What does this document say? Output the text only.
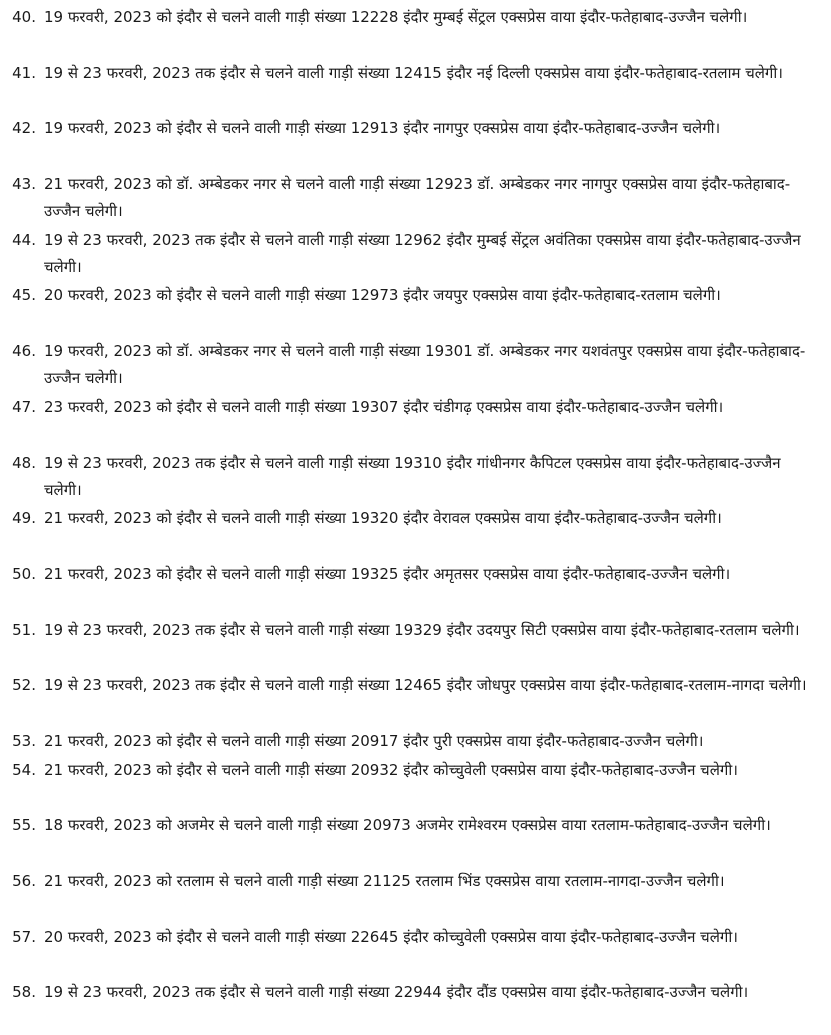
40. 19 फरवरी, 2023 को इंदौर से चलने वाली गाड़ी संख्या 12228 इंदौर मुम्बई सेंट्रल एक्सप्रेस वाया इंदौर-फतेहाबाद-उज्जैन चलेगी।
41. 19 से 23 फरवरी, 2023 तक इंदौर से चलने वाली गाड़ी संख्या 12415 इंदौर नई दिल्ली एक्सप्रेस वाया इंदौर-फतेहाबाद-रतलाम चलेगी।
42. 19 फरवरी, 2023 को इंदौर से चलने वाली गाड़ी संख्या 12913 इंदौर नागपुर एक्सप्रेस वाया इंदौर-फतेहाबाद-उज्जैन चलेगी।
43. 21 फरवरी, 2023 को डॉ. अम्बेडकर नगर से चलने वाली गाड़ी संख्या 12923 डॉ. अम्बेडकर नगर नागपुर एक्सप्रेस वाया इंदौर-फतेहाबाद-उज्जैन चलेगी।
44. 19 से 23 फरवरी, 2023 तक इंदौर से चलने वाली गाड़ी संख्या 12962 इंदौर मुम्बई सेंट्रल अवंतिका एक्सप्रेस वाया इंदौर-फतेहाबाद-उज्जैन चलेगी।
45. 20 फरवरी, 2023 को इंदौर से चलने वाली गाड़ी संख्या 12973 इंदौर जयपुर एक्सप्रेस वाया इंदौर-फतेहाबाद-रतलाम चलेगी।
46. 19 फरवरी, 2023 को डॉ. अम्बेडकर नगर से चलने वाली गाड़ी संख्या 19301 डॉ. अम्बेडकर नगर यशवंतपुर एक्सप्रेस वाया इंदौर-फतेहाबाद-उज्जैन चलेगी।
47. 23 फरवरी, 2023 को इंदौर से चलने वाली गाड़ी संख्या 19307 इंदौर चंडीगढ़ एक्सप्रेस वाया इंदौर-फतेहाबाद-उज्जैन चलेगी।
48. 19 से 23 फरवरी, 2023 तक इंदौर से चलने वाली गाड़ी संख्या 19310 इंदौर गांधीनगर कैपिटल एक्सप्रेस वाया इंदौर-फतेहाबाद-उज्जैन चलेगी।
49. 21 फरवरी, 2023 को इंदौर से चलने वाली गाड़ी संख्या 19320 इंदौर वेरावल एक्सप्रेस वाया इंदौर-फतेहाबाद-उज्जैन चलेगी।
50. 21 फरवरी, 2023 को इंदौर से चलने वाली गाड़ी संख्या 19325 इंदौर अमृतसर एक्सप्रेस वाया इंदौर-फतेहाबाद-उज्जैन चलेगी।
51. 19 से 23 फरवरी, 2023 तक इंदौर से चलने वाली गाड़ी संख्या 19329 इंदौर उदयपुर सिटी एक्सप्रेस वाया इंदौर-फतेहाबाद-रतलाम चलेगी।
52. 19 से 23 फरवरी, 2023 तक इंदौर से चलने वाली गाड़ी संख्या 12465 इंदौर जोधपुर एक्सप्रेस वाया इंदौर-फतेहाबाद-रतलाम-नागदा चलेगी।
53. 21 फरवरी, 2023 को इंदौर से चलने वाली गाड़ी संख्या 20917 इंदौर पुरी एक्सप्रेस वाया इंदौर-फतेहाबाद-उज्जैन चलेगी।
54. 21 फरवरी, 2023 को इंदौर से चलने वाली गाड़ी संख्या 20932 इंदौर कोच्चुवेली एक्सप्रेस वाया इंदौर-फतेहाबाद-उज्जैन चलेगी।
55. 18 फरवरी, 2023 को अजमेर से चलने वाली गाड़ी संख्या 20973 अजमेर रामेश्वरम एक्सप्रेस वाया रतलाम-फतेहाबाद-उज्जैन चलेगी।
56. 21 फरवरी, 2023 को रतलाम से चलने वाली गाड़ी संख्या 21125 रतलाम भिंड एक्सप्रेस वाया रतलाम-नागदा-उज्जैन चलेगी।
57. 20 फरवरी, 2023 को इंदौर से चलने वाली गाड़ी संख्या 22645 इंदौर कोच्चुवेली एक्सप्रेस वाया इंदौर-फतेहाबाद-उज्जैन चलेगी।
58. 19 से 23 फरवरी, 2023 तक इंदौर से चलने वाली गाड़ी संख्या 22944 इंदौर दौंड एक्सप्रेस वाया इंदौर-फतेहाबाद-उज्जैन चलेगी।
